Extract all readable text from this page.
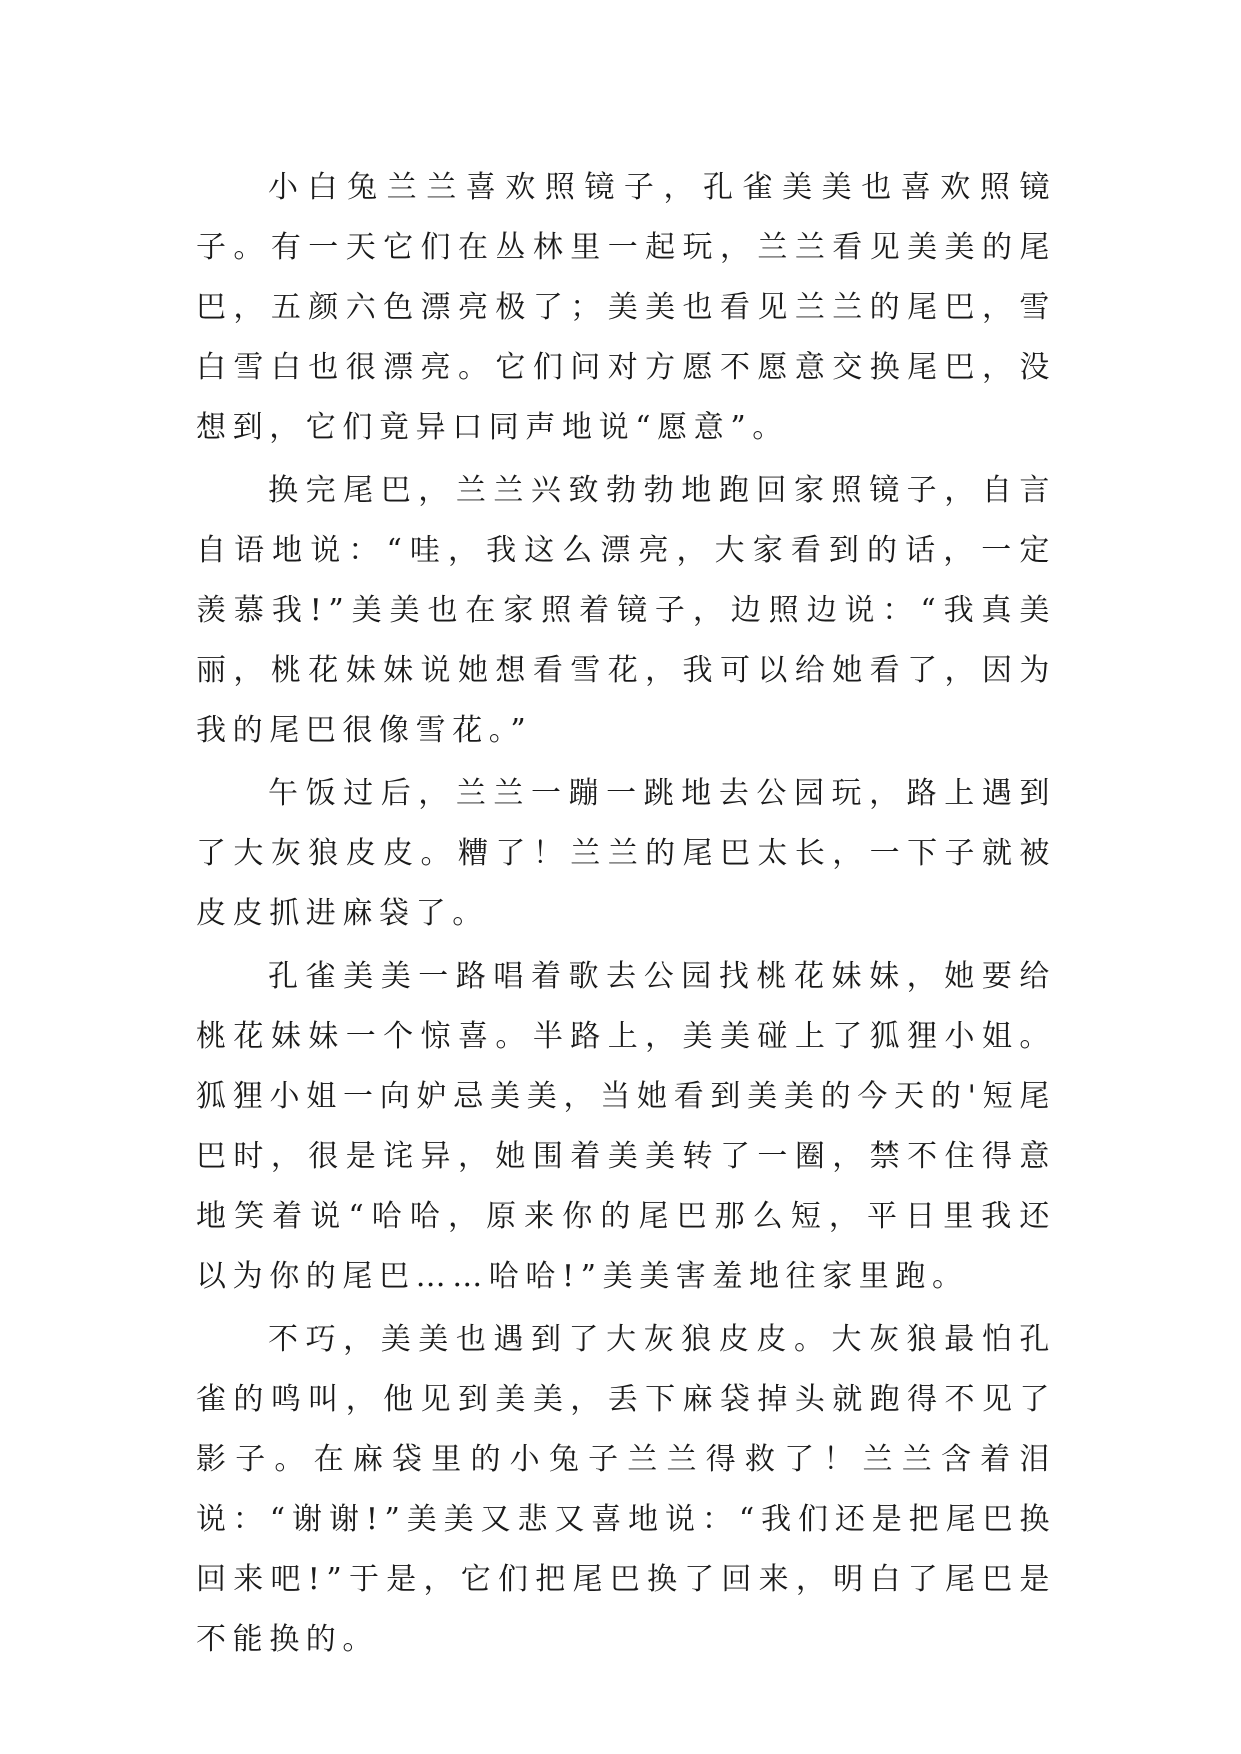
小白兔兰兰喜欢照镜子，孔雀美美也喜欢照镜子。有一天它们在丛林里一起玩，兰兰看见美美的尾巴，五颜六色漂亮极了；美美也看见兰兰的尾巴，雪白雪白也很漂亮。它们问对方愿不愿意交换尾巴，没想到，它们竟异口同声地说“愿意”。

换完尾巴，兰兰兴致勃勃地跑回家照镜子，自言自语地说：“哇，我这么漂亮，大家看到的话，一定羡慕我!”美美也在家照着镜子，边照边说：“我真美丽，桃花妹妹说她想看雪花，我可以给她看了，因为我的尾巴很像雪花。”

午饭过后，兰兰一蹦一跳地去公园玩，路上遇到了大灰狼皮皮。糟了！兰兰的尾巴太长，一下子就被皮皮抓进麻袋了。

孔雀美美一路唱着歌去公园找桃花妹妹，她要给桃花妹妹一个惊喜。半路上，美美碰上了狐狸小姐。狐狸小姐一向妒忌美美，当她看到美美的今天的'短尾巴时，很是诧异，她围着美美转了一圈，禁不住得意地笑着说“哈哈，原来你的尾巴那么短，平日里我还以为你的尾巴……哈哈!”美美害羞地往家里跑。

不巧，美美也遇到了大灰狼皮皮。大灰狼最怕孔雀的鸣叫，他见到美美，丢下麻袋掉头就跑得不见了影子。在麻袋里的小兔子兰兰得救了！兰兰含着泪说：“谢谢!”美美又悲又喜地说：“我们还是把尾巴换回来吧!”于是，它们把尾巴换了回来，明白了尾巴是不能换的。
